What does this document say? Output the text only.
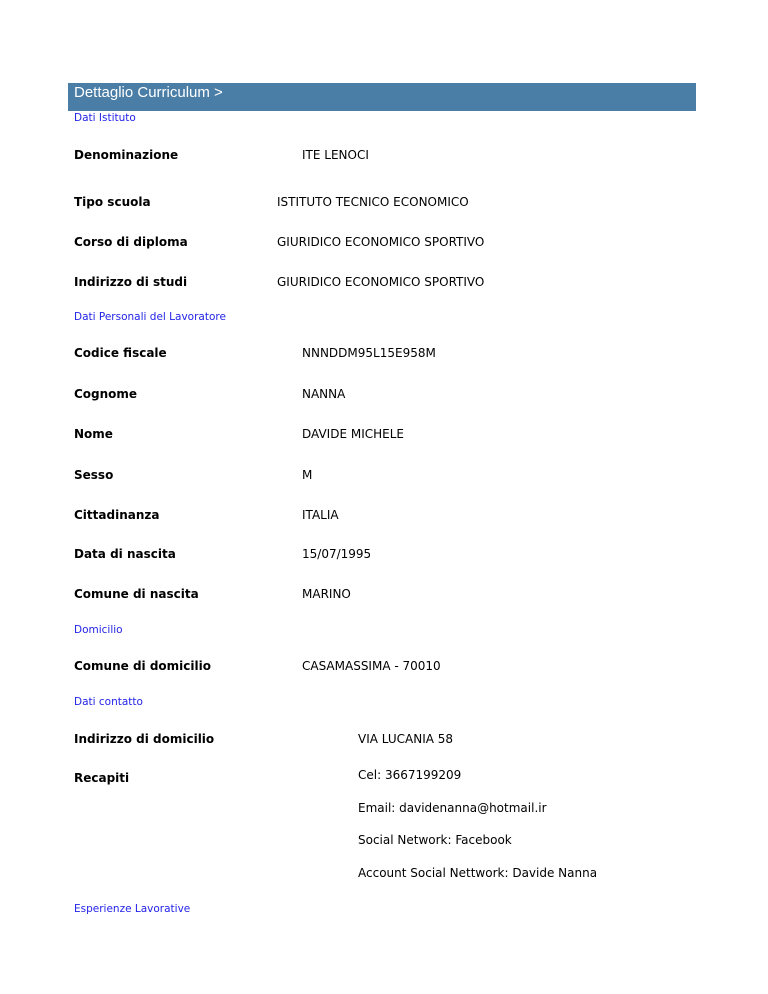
Dettaglio Curriculum >
Dati Istituto
Denominazione	ITE LENOCI
Tipo scuola	ISTITUTO TECNICO ECONOMICO
Corso di diploma	GIURIDICO ECONOMICO SPORTIVO
Indirizzo di studi	GIURIDICO ECONOMICO SPORTIVO
Dati Personali del Lavoratore
Codice fiscale	NNNDDM95L15E958M
Cognome	NANNA
Nome	DAVIDE MICHELE
Sesso	M
Cittadinanza	ITALIA
Data di nascita	15/07/1995
Comune di nascita	MARINO
Domicilio
Comune di domicilio	CASAMASSIMA - 70010
Dati contatto
Indirizzo di domicilio	VIA LUCANIA 58
Recapiti	Cel: 3667199209
Email: davidenanna@hotmail.ir
Social Network: Facebook
Account Social Nettwork: Davide Nanna
Esperienze Lavorative
